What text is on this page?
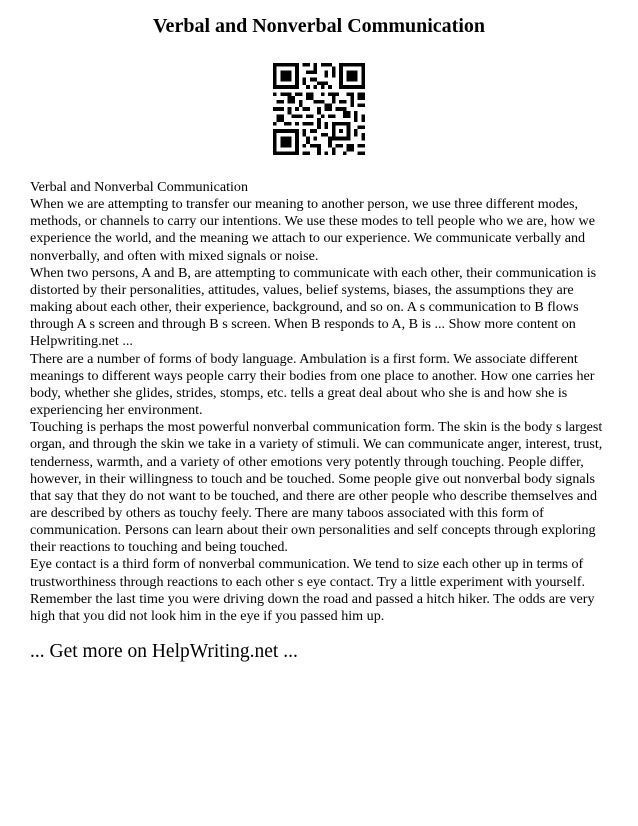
Verbal and Nonverbal Communication

Verbal and Nonverbal Communication

When we are attempting to transfer our meaning to another person, we use three different modes, methods, or channels to carry our intentions. We use these modes to tell people who we are, how we experience the world, and the meaning we attach to our experience. We communicate verbally and nonverbally, and often with mixed signals or noise.

When two persons, A and B, are attempting to communicate with each other, their communication is distorted by their personalities, attitudes, values, belief systems, biases, the assumptions they are making about each other, their experience, background, and so on. A s communication to B flows through A s screen and through B s screen. When B responds to A, B is ... Show more content on Helpwriting.net ...

There are a number of forms of body language. Ambulation is a first form. We associate different meanings to different ways people carry their bodies from one place to another. How one carries her body, whether she glides, strides, stomps, etc. tells a great deal about who she is and how she is experiencing her environment.

Touching is perhaps the most powerful nonverbal communication form. The skin is the body s largest organ, and through the skin we take in a variety of stimuli. We can communicate anger, interest, trust, tenderness, warmth, and a variety of other emotions very potently through touching. People differ, however, in their willingness to touch and be touched. Some people give out nonverbal body signals that say that they do not want to be touched, and there are other people who describe themselves and are described by others as touchy feely. There are many taboos associated with this form of communication. Persons can learn about their own personalities and self concepts through exploring their reactions to touching and being touched.

Eye contact is a third form of nonverbal communication. We tend to size each other up in terms of trustworthiness through reactions to each other s eye contact. Try a little experiment with yourself. Remember the last time you were driving down the road and passed a hitch hiker. The odds are very high that you did not look him in the eye if you passed him up.

... Get more on HelpWriting.net ...
